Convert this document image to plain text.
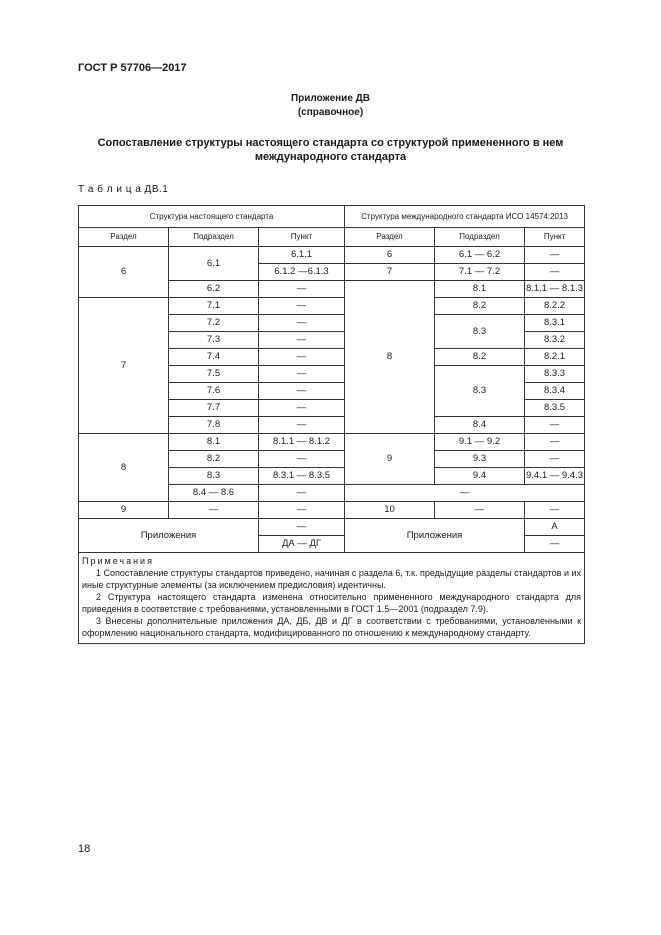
ГОСТ Р 57706—2017
Приложение ДВ
(справочное)
Сопоставление структуры настоящего стандарта со структурой примененного в нем
международного стандарта
Т а б л и ц а ДВ.1
Структура настоящего стандарта			Структура международного стандарта ИСО 14574:2013		
Раздел	Подраздел	Пункт	Раздел	Подраздел	Пункт
6	6.1	6.1.1	6	6.1 — 6.2	—
		6.1.2 —6.1.3	7	7.1 — 7.2	—
	6.2	—	8	8.1	8.1.1 — 8.1.3
7	7.1	—		8.2	8.2.2
	7.2	—		8.3	8.3.1
	7.3	—			8.3.2
	7.4	—		8.2	8.2.1
	7.5	—		8.3	8.3.3
	7.6	—			8.3.4
	7.7	—			8.3.5
	7.8	—		8.4	—
8	8.1	8.1.1 — 8.1.2	9	9.1 — 9.2	—
	8.2	—		9.3	—
	8.3	8.3.1 — 8.3.5		9.4	9.4.1 — 9.4.3
	8.4 — 8.6	—	—		
9	—	—	10	—	—
Приложения		—	Приложения		А
		ДА — ДГ			—

Примечания
1 Сопоставление структуры стандартов приведено, начиная с раздела 6, т.к. предыдущие разделы стандартов и их иные структурные элементы (за исключением предисловия) идентичны.
2 Структура настоящего стандарта изменена относительно примененного международного стандарта для приведения в соответствие с требованиями, установленными в ГОСТ 1.5—2001 (подраздел 7.9).
3 Внесены дополнительные приложения ДА, ДБ, ДВ и ДГ в соответствии с требованиями, установленными к оформлению национального стандарта, модифицированного по отношению к международному стандарту.					
18
